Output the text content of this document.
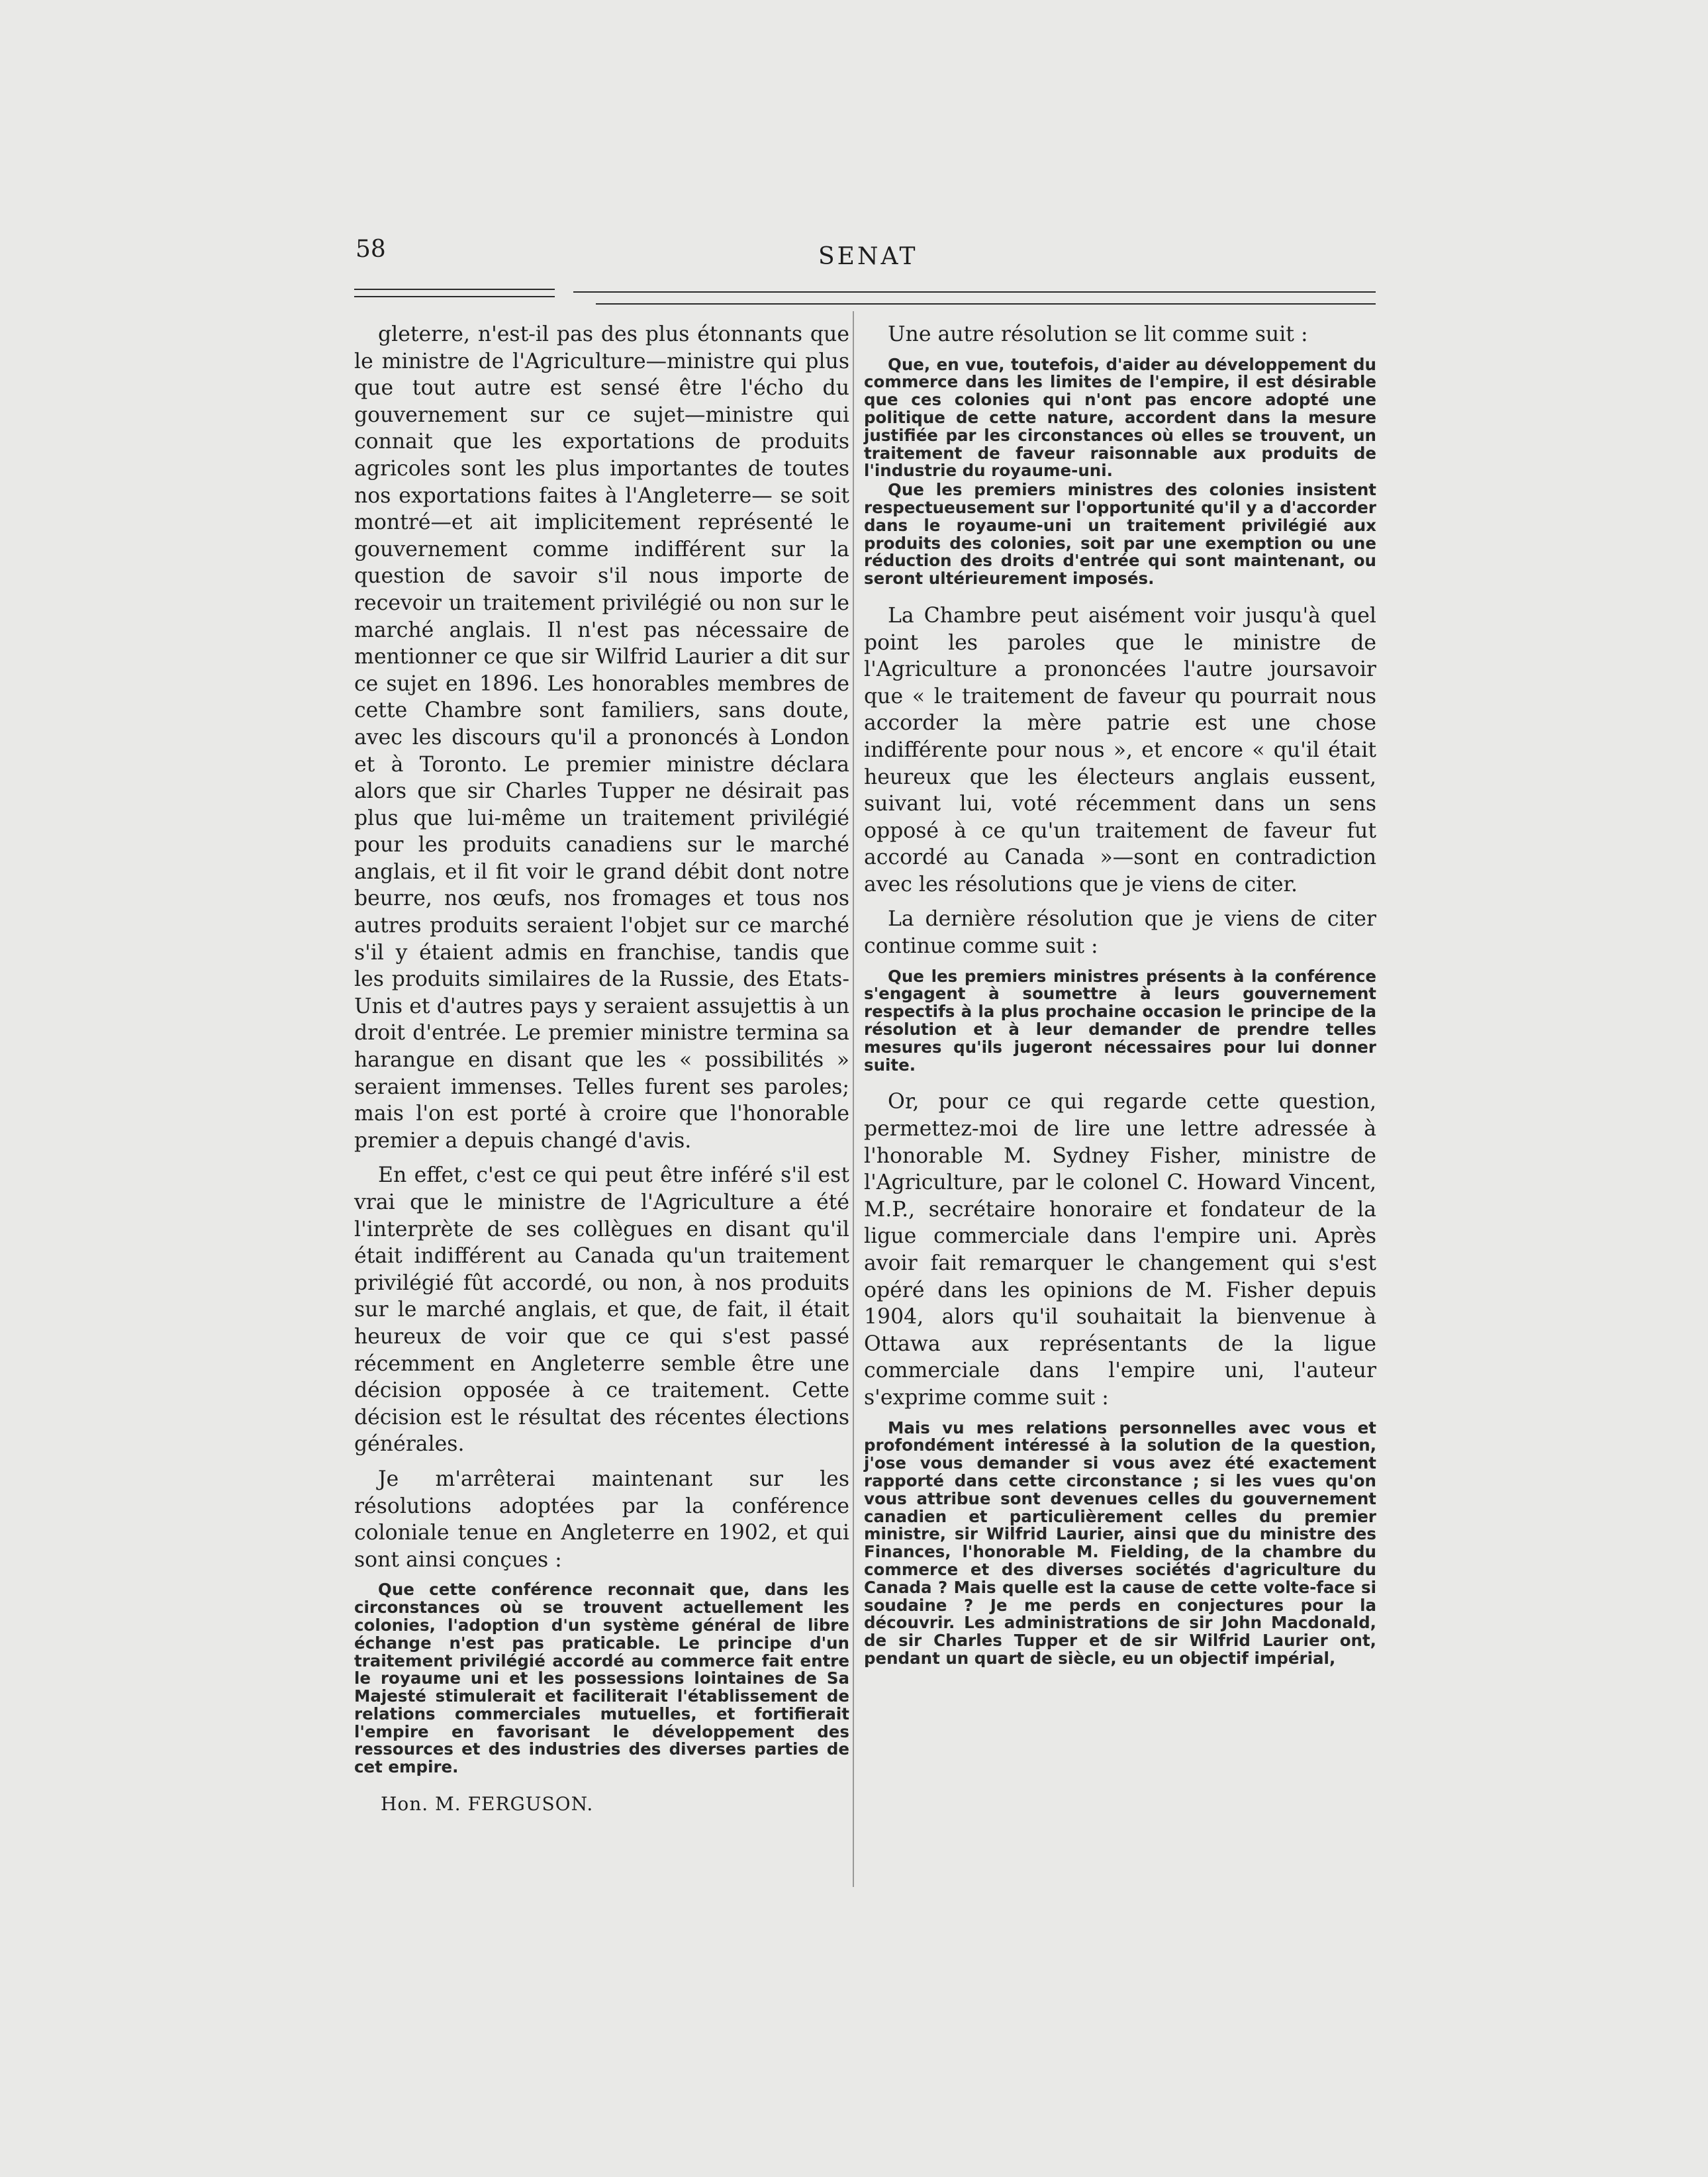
58	SENAT

gleterre, n'est-il pas des plus étonnants que le ministre de l'Agriculture—ministre qui plus que tout autre est sensé être l'écho du gouvernement sur ce sujet—ministre qui connait que les exportations de produits agricoles sont les plus importantes de toutes nos exportations faites à l'Angleterre— se soit montré—et ait implicitement représenté le gouvernement comme indifférent sur la question de savoir s'il nous importe de recevoir un traitement privilégié ou non sur le marché anglais. Il n'est pas nécessaire de mentionner ce que sir Wilfrid Laurier a dit sur ce sujet en 1896. Les honorables membres de cette Chambre sont familiers, sans doute, avec les discours qu'il a prononcés à London et à Toronto. Le premier ministre déclara alors que sir Charles Tupper ne désirait pas plus que lui-même un traitement privilégié pour les produits canadiens sur le marché anglais, et il fit voir le grand débit dont notre beurre, nos œufs, nos fromages et tous nos autres produits seraient l'objet sur ce marché s'il y étaient admis en franchise, tandis que les produits similaires de la Russie, des Etats-Unis et d'autres pays y seraient assujettis à un droit d'entrée. Le premier ministre termina sa harangue en disant que les « possibilités » seraient immenses. Telles furent ses paroles; mais l'on est porté à croire que l'honorable premier a depuis changé d'avis.

En effet, c'est ce qui peut être inféré s'il est vrai que le ministre de l'Agriculture a été l'interprète de ses collègues en disant qu'il était indifférent au Canada qu'un traitement privilégié fût accordé, ou non, à nos produits sur le marché anglais, et que, de fait, il était heureux de voir que ce qui s'est passé récemment en Angleterre semble être une décision opposée à ce traitement. Cette décision est le résultat des récentes élections générales.

Je m'arrêterai maintenant sur les résolutions adoptées par la conférence coloniale tenue en Angleterre en 1902, et qui sont ainsi conçues :

Que cette conférence reconnait que, dans les circonstances où se trouvent actuellement les colonies, l'adoption d'un système général de libre échange n'est pas praticable. Le principe d'un traitement privilégié accordé au commerce fait entre le royaume uni et les possessions lointaines de Sa Majesté stimulerait et faciliterait l'établissement de relations commerciales mutuelles, et fortifierait l'empire en favorisant le développement des ressources et des industries des diverses parties de cet empire.

Hon. M. FERGUSON.

Une autre résolution se lit comme suit :

Que, en vue, toutefois, d'aider au développement du commerce dans les limites de l'empire, il est désirable que ces colonies qui n'ont pas encore adopté une politique de cette nature, accordent dans la mesure justifiée par les circonstances où elles se trouvent, un traitement de faveur raisonnable aux produits de l'industrie du royaume-uni.

Que les premiers ministres des colonies insistent respectueusement sur l'opportunité qu'il y a d'accorder dans le royaume-uni un traitement privilégié aux produits des colonies, soit par une exemption ou une réduction des droits d'entrée qui sont maintenant, ou seront ultérieurement imposés.

La Chambre peut aisément voir jusqu'à quel point les paroles que le ministre de l'Agriculture a prononcées l'autre joursavoir que « le traitement de faveur qu pourrait nous accorder la mère patrie est une chose indifférente pour nous », et encore « qu'il était heureux que les électeurs anglais eussent, suivant lui, voté récemment dans un sens opposé à ce qu'un traitement de faveur fut accordé au Canada »—sont en contradiction avec les résolutions que je viens de citer.

La dernière résolution que je viens de citer continue comme suit :

Que les premiers ministres présents à la conférence s'engagent à soumettre à leurs gouvernement respectifs à la plus prochaine occasion le principe de la résolution et à leur demander de prendre telles mesures qu'ils jugeront nécessaires pour lui donner suite.

Or, pour ce qui regarde cette question, permettez-moi de lire une lettre adressée à l'honorable M. Sydney Fisher, ministre de l'Agriculture, par le colonel C. Howard Vincent, M.P., secrétaire honoraire et fondateur de la ligue commerciale dans l'empire uni. Après avoir fait remarquer le changement qui s'est opéré dans les opinions de M. Fisher depuis 1904, alors qu'il souhaitait la bienvenue à Ottawa aux représentants de la ligue commerciale dans l'empire uni, l'auteur s'exprime comme suit :

Mais vu mes relations personnelles avec vous et profondément intéressé à la solution de la question, j'ose vous demander si vous avez été exactement rapporté dans cette circonstance ; si les vues qu'on vous attribue sont devenues celles du gouvernement canadien et particulièrement celles du premier ministre, sir Wilfrid Laurier, ainsi que du ministre des Finances, l'honorable M. Fielding, de la chambre du commerce et des diverses sociétés d'agriculture du Canada ? Mais quelle est la cause de cette volte-face si soudaine ? Je me perds en conjectures pour la découvrir. Les administrations de sir John Macdonald, de sir Charles Tupper et de sir Wilfrid Laurier ont, pendant un quart de siècle, eu un objectif impérial,
